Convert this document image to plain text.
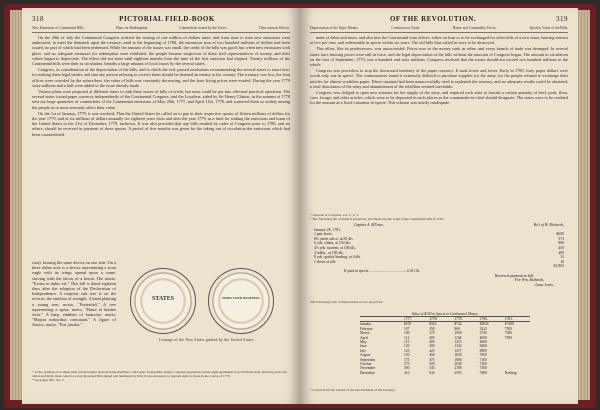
318	PICTORIAL FIELD-BOOK
New Emissions of Continental Bills.	Plans for Redemption.	Counterfeits issued by the Tories.	Their ruinous Effects.

On the 29th of July the Continental Congress ordered the issuing of one million of dollars more, and from time to time new emissions were authorized, to meet the demands upon the treasury, until at the beginning of 1780, the enormous sum of two hundred millions of dollars had been issued, no part of which had been redeemed. While the amount of the issues was small, the credit of the bills was good; but when new emissions took place, and no adequate measures for redemption were exhibited, the people became suspicious of these frail representatives of money, and their values began to depreciate. The effect did not enter until eighteen months from the time of the first emission had elapsed. Twenty millions of the Continental bills were then in circulation, besides a large amount of local issues by the several states.

Congress, in consideration of the depreciation of the bills, and to check the evil, passed resolutions recommending the several states to enact laws for making them legal tender, and that any person refusing to receive them should be deemed an enemy to his country. The treasury was low, the loan offices were crowded by the subscribers, the value of bills was constantly decreasing, and the laws fixing prices were evaded. During the year 1779 sixty millions and a half were added to the issue already made.

Various plans were proposed at different times to sink these issues of bills of credit, but none could be put into effectual practical operation. The several states issued paper currency independently of the Continental Congress; and the Loyalists, aided by Sir Henry Clinton, in the autumn of 1778 sent out large quantities of counterfeits of the Continental emissions of May 20th, 1777, and April 11th, 1778, and scattered them so widely among the people as to most seriously affect their value.

On the 1st of January, 1779, it was resolved, That the United States be called on to pay in their respective quotas of fifteen millions of dollars for the year 1779, and of six millions of dollars annually for eighteen years from and after the year 1779, as a fund for sinking the emissions and loans of the United States to the 31st of December, 1779, inclusive. It was also provided that any bills emitted by order of Congress prior to 1780, and no others, should be received in payment of these quotas. A period of five months was given for the taking out of circulation the emissions which had been counterfeited.

sion), bearing the same device on one side. On a three dollar note is a device representing a stout eagle with its wings spread upon a crane, striving with the talons of a heron. The motto, "Exitus in dubio est." This bill is dated eighteen days after the adoption of the Declaration of Independence. A majestic oak tree is on the reverse, the emblem of strength. A hand planting a young tree, motto, "Posteritati." A tree representing a spear; motto, "Hasta in lumine vires." A harp, emblem of harmony; motto, "Majora minoribus consonant." A figure of Justice, motto, "Fiat justitia."
STATES	MIND YOUR BUSINESS
Coinage of the New States guided by the United States.
* At the opening of so many bills would require more than the members could spare from public duties, Congress appointed twenty-eight gentlemen to perform the duty, allowing each one dollar and thirty-three cents for every thousand bills signed and numbered by him. It was necessary to appoint eight or more in the course of 1776.
* See pages 405, Vol. 2.
OF THE REVOLUTION.	319
Depreciation of the Paper Money.	Confusion in Trade.	Barter and Commodity Prices.	Specific Value of the Bills.

ment of debts and taxes, and also into the Continental loan offices, either on loan or to be exchanged for other bills of a new tenor, bearing interest at five per cent, and redeemable in specie within six years. The old bills thus called in were to be destroyed.

This effort, like its predecessors, was unsuccessful. Prices rose as the money sunk in value, and every branch of trade was deranged. In several states laws limiting prices were still in force, and the legal depreciation of the bills without the sanction of Congress began. The amount in circulation on the first of September, 1779, was a hundred and sixty millions. Congress resolved that the issues should not exceed two hundred millions in the whole.

Congress was powerless to stop the downward tendency of the paper currency. It sunk lower and lower. Early in 1780, forty paper dollars were worth only one in specie. The commissaries found it extremely difficult to purchase supplies for the army, for the people refused to exchange their articles for almost worthless paper. Direct taxation had been unsuccessfully tried to replenish the treasury, and no adequate results could be obtained; a total dissolution of the army and abandonment of the rebellion seemed inevitable.

Congress was obliged to open new avenues for the supply of the army, and required each state to furnish a certain quantity of beef, pork, flour, corn, forage, and other articles, which were to be deposited in such places as the commander-in-chief should designate. The states were to be credited for the amount at a fixed valuation in specie. This scheme was utterly inadequate.

* Journals of Congress, vol. v., p. 5.
* The following bill of items is preserved, and illustrates the value of the Continental bills in 1781:
Captain A. M'Lane,	Bo't of W. Richards,
January 26, 1781.
1 pair boots	$600
6¾ yards calico, at 85 dls.	573
6 yds. chintz, at 150 dls.	900
4½ yds. moreen, at 100 dls.	450
4 hdkfs., at 100 dls.	400
8 yds. quality binding, at 4 dls.	32
1 skein of silk	10
$2,965
If paid in specie.........................................£18 10s.
Received payment in full,
For Wm. Richards,
Isaac Jones.
The following scale of depreciation is now preserved:
Value of $100 in Specie in Continental Money.
1777.	1778.	1779.	1780.	1781.
January	$105	$325	$742	$2934	$7400
February	107	350	868	3322	7500
March	109	375	1000	3736	7500
April	112	400	1104	4000	7500
May	115	400	1215	4600
June	120	400	1342	6400
July	125	425	1477	6900
August	150	450	1630	7000
September	175	475	1800	7100
October	275	500	2030	7200
November	300	545	2308	7300
December	310	634	2593	7400	Nothing
* Copied from the Journal of the late President of the Treasury.
